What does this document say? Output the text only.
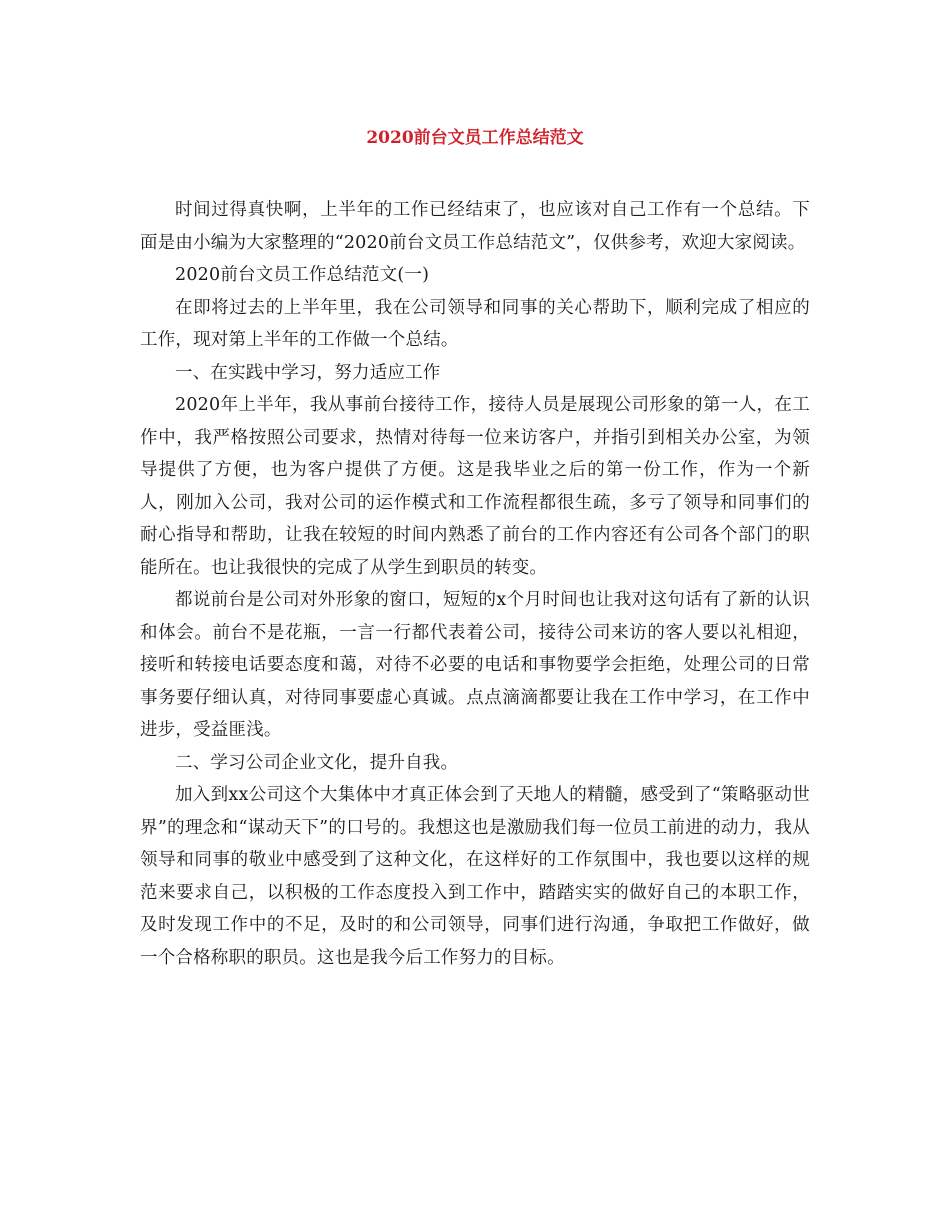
2020前台文员工作总结范文

时间过得真快啊，上半年的工作已经结束了，也应该对自己工作有一个总结。下面是由小编为大家整理的“2020前台文员工作总结范文”，仅供参考，欢迎大家阅读。

2020前台文员工作总结范文(一)

在即将过去的上半年里，我在公司领导和同事的关心帮助下，顺利完成了相应的工作，现对第上半年的工作做一个总结。

一、在实践中学习，努力适应工作

2020年上半年，我从事前台接待工作，接待人员是展现公司形象的第一人，在工作中，我严格按照公司要求，热情对待每一位来访客户，并指引到相关办公室，为领导提供了方便，也为客户提供了方便。这是我毕业之后的第一份工作，作为一个新人，刚加入公司，我对公司的运作模式和工作流程都很生疏，多亏了领导和同事们的耐心指导和帮助，让我在较短的时间内熟悉了前台的工作内容还有公司各个部门的职能所在。也让我很快的完成了从学生到职员的转变。

都说前台是公司对外形象的窗口，短短的x个月时间也让我对这句话有了新的认识和体会。前台不是花瓶，一言一行都代表着公司，接待公司来访的客人要以礼相迎，接听和转接电话要态度和蔼，对待不必要的电话和事物要学会拒绝，处理公司的日常事务要仔细认真，对待同事要虚心真诚。点点滴滴都要让我在工作中学习，在工作中进步，受益匪浅。

二、学习公司企业文化，提升自我。

加入到xx公司这个大集体中才真正体会到了天地人的精髓，感受到了“策略驱动世界”的理念和“谋动天下”的口号的。我想这也是激励我们每一位员工前进的动力，我从领导和同事的敬业中感受到了这种文化，在这样好的工作氛围中，我也要以这样的规范来要求自己，以积极的工作态度投入到工作中，踏踏实实的做好自己的本职工作，及时发现工作中的不足，及时的和公司领导，同事们进行沟通，争取把工作做好，做一个合格称职的职员。这也是我今后工作努力的目标。
